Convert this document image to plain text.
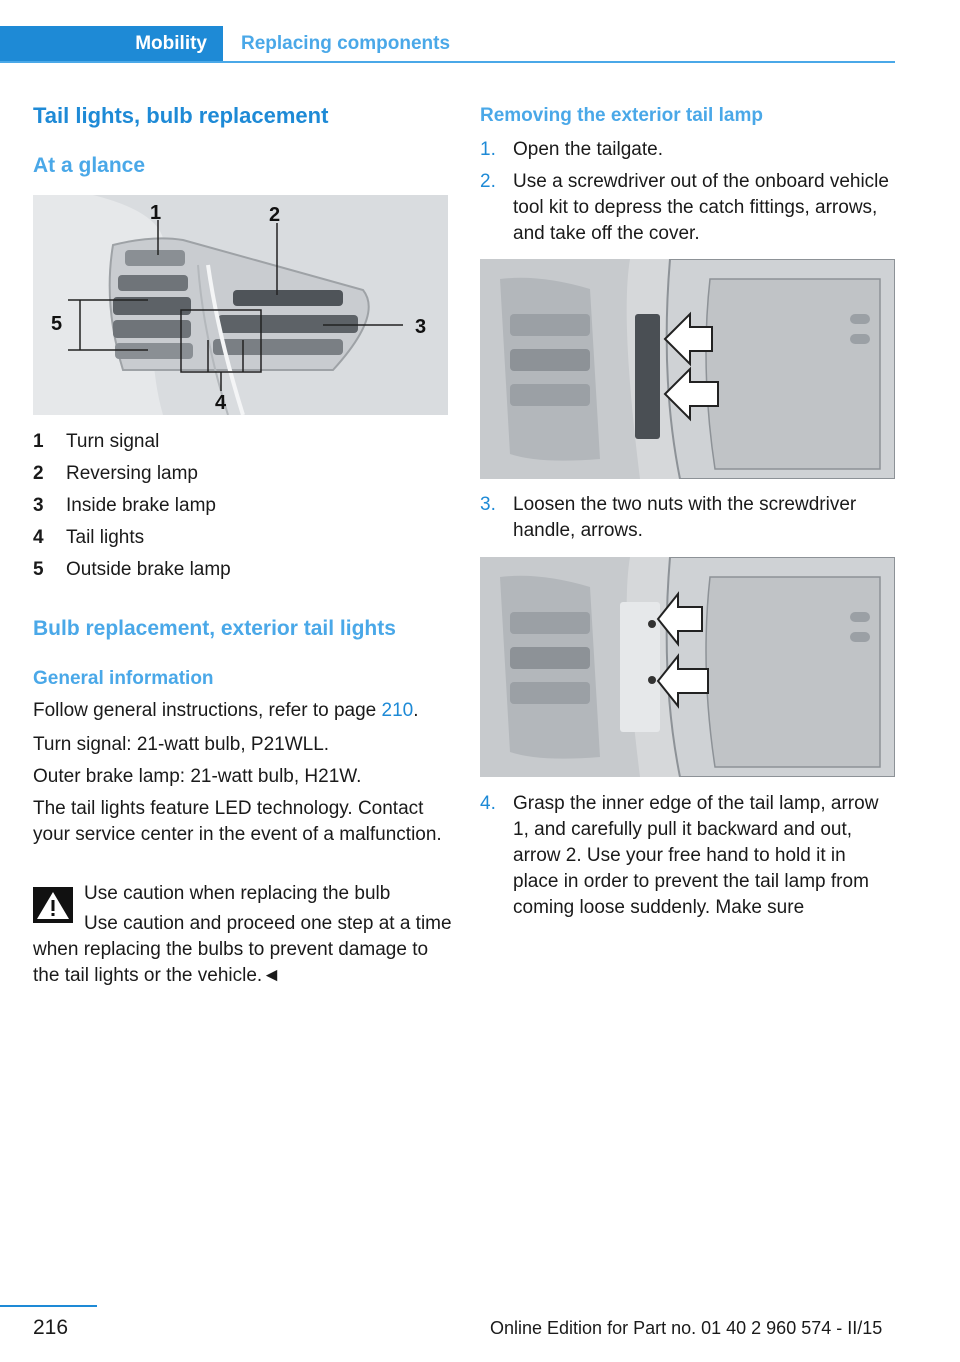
Mobility Replacing components
Tail lights, bulb replacement
At a glance
1	2
3
4
5
1	Turn signal
2	Reversing lamp
3	Inside brake lamp
4	Tail lights
5	Outside brake lamp
Bulb replacement, exterior tail lights
General information
Follow general instructions, refer to page 210.
Turn signal: 21-watt bulb, P21WLL.
Outer brake lamp: 21-watt bulb, H21W.
The tail lights feature LED technology. Contact your service center in the event of a malfunction.
Use caution when replacing the bulb
Use caution and proceed one step at a time when replacing the bulbs to prevent damage to the tail lights or the vehicle.◄
Removing the exterior tail lamp
1. Open the tailgate.
2. Use a screwdriver out of the onboard vehicle tool kit to depress the catch fittings, arrows, and take off the cover.
3. Loosen the two nuts with the screwdriver handle, arrows.
4. Grasp the inner edge of the tail lamp, arrow 1, and carefully pull it backward and out, arrow 2. Use your free hand to hold it in place in order to prevent the tail lamp from coming loose suddenly. Make sure
216	Online Edition for Part no. 01 40 2 960 574 - II/15
